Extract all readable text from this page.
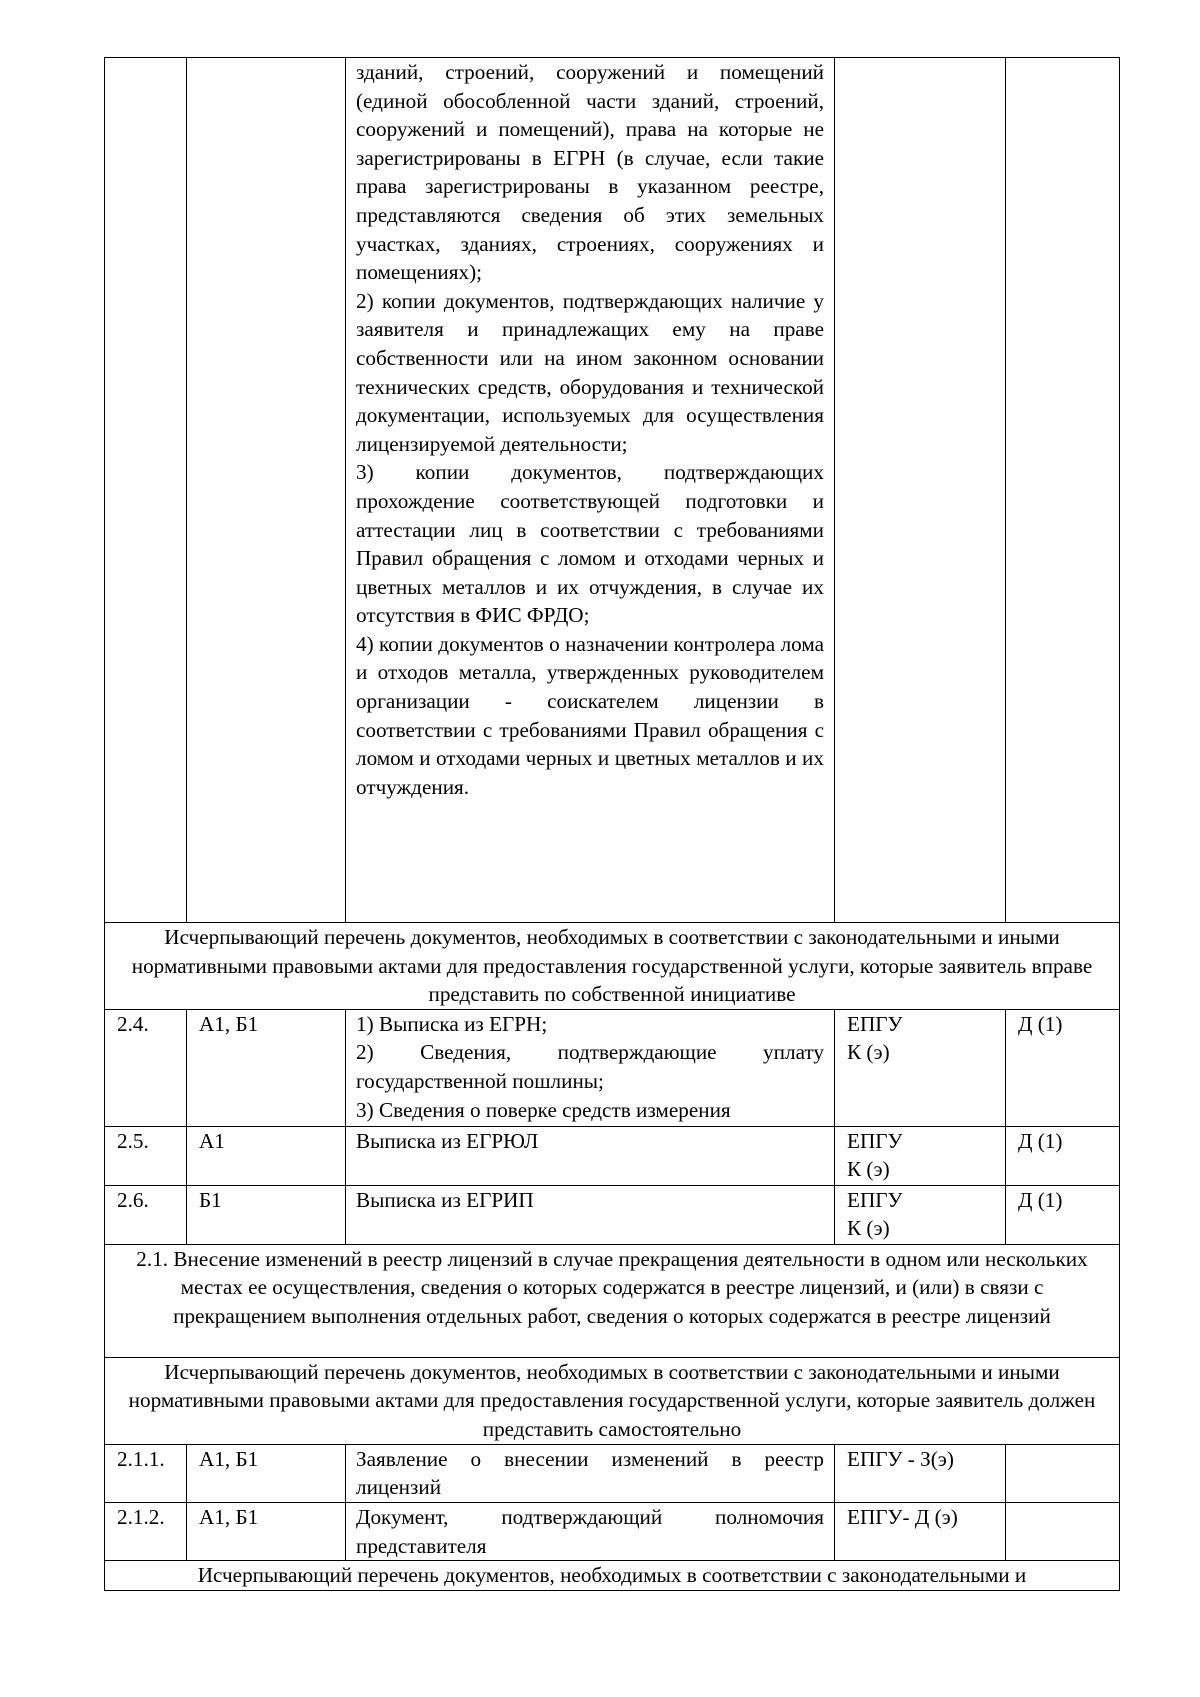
		зданий, строений, сооружений и помещений (единой обособленной части зданий, строений, сооружений и помещений), права на которые не зарегистрированы в ЕГРН (в случае, если такие права зарегистрированы в указанном реестре, представляются сведения об этих земельных участках, зданиях, строениях, сооружениях и помещениях);
2) копии документов, подтверждающих наличие у заявителя и принадлежащих ему на праве собственности или на ином законном основании технических средств, оборудования и технической документации, используемых для осуществления лицензируемой деятельности;
3) копии документов, подтверждающих прохождение соответствующей подготовки и аттестации лиц в соответствии с требованиями Правил обращения с ломом и отходами черных и цветных металлов и их отчуждения, в случае их отсутствия в ФИС ФРДО;
4) копии документов о назначении контролера лома и отходов металла, утвержденных руководителем организации - соискателем лицензии в соответствии с требованиями Правил обращения с ломом и отходами черных и цветных металлов и их отчуждения.		

Исчерпывающий перечень документов, необходимых в соответствии с законодательными и иными нормативными правовыми актами для предоставления государственной услуги, которые заявитель вправе представить по собственной инициативе				
2.4.	А1, Б1	1) Выписка из ЕГРН;
2) Сведения, подтверждающие уплату государственной пошлины;
3) Сведения о поверке средств измерения	ЕПГУ
К (э)	Д (1)
2.5.	А1	Выписка из ЕГРЮЛ	ЕПГУ
К (э)	Д (1)
2.6.	Б1	Выписка из ЕГРИП	ЕПГУ
К (э)	Д (1)
2.1. Внесение изменений в реестр лицензий в случае прекращения деятельности в одном или нескольких местах ее осуществления, сведения о которых содержатся в реестре лицензий, и (или) в связи с прекращением выполнения отдельных работ, сведения о которых содержатся в реестре лицензий				
Исчерпывающий перечень документов, необходимых в соответствии с законодательными и иными нормативными правовыми актами для предоставления государственной услуги, которые заявитель должен представить самостоятельно				
2.1.1.	А1, Б1	Заявление о внесении изменений в реестр лицензий	ЕПГУ - З(э)	
2.1.2.	А1, Б1	Документ, подтверждающий полномочия представителя	ЕПГУ- Д (э)	
Исчерпывающий перечень документов, необходимых в соответствии с законодательными и				
